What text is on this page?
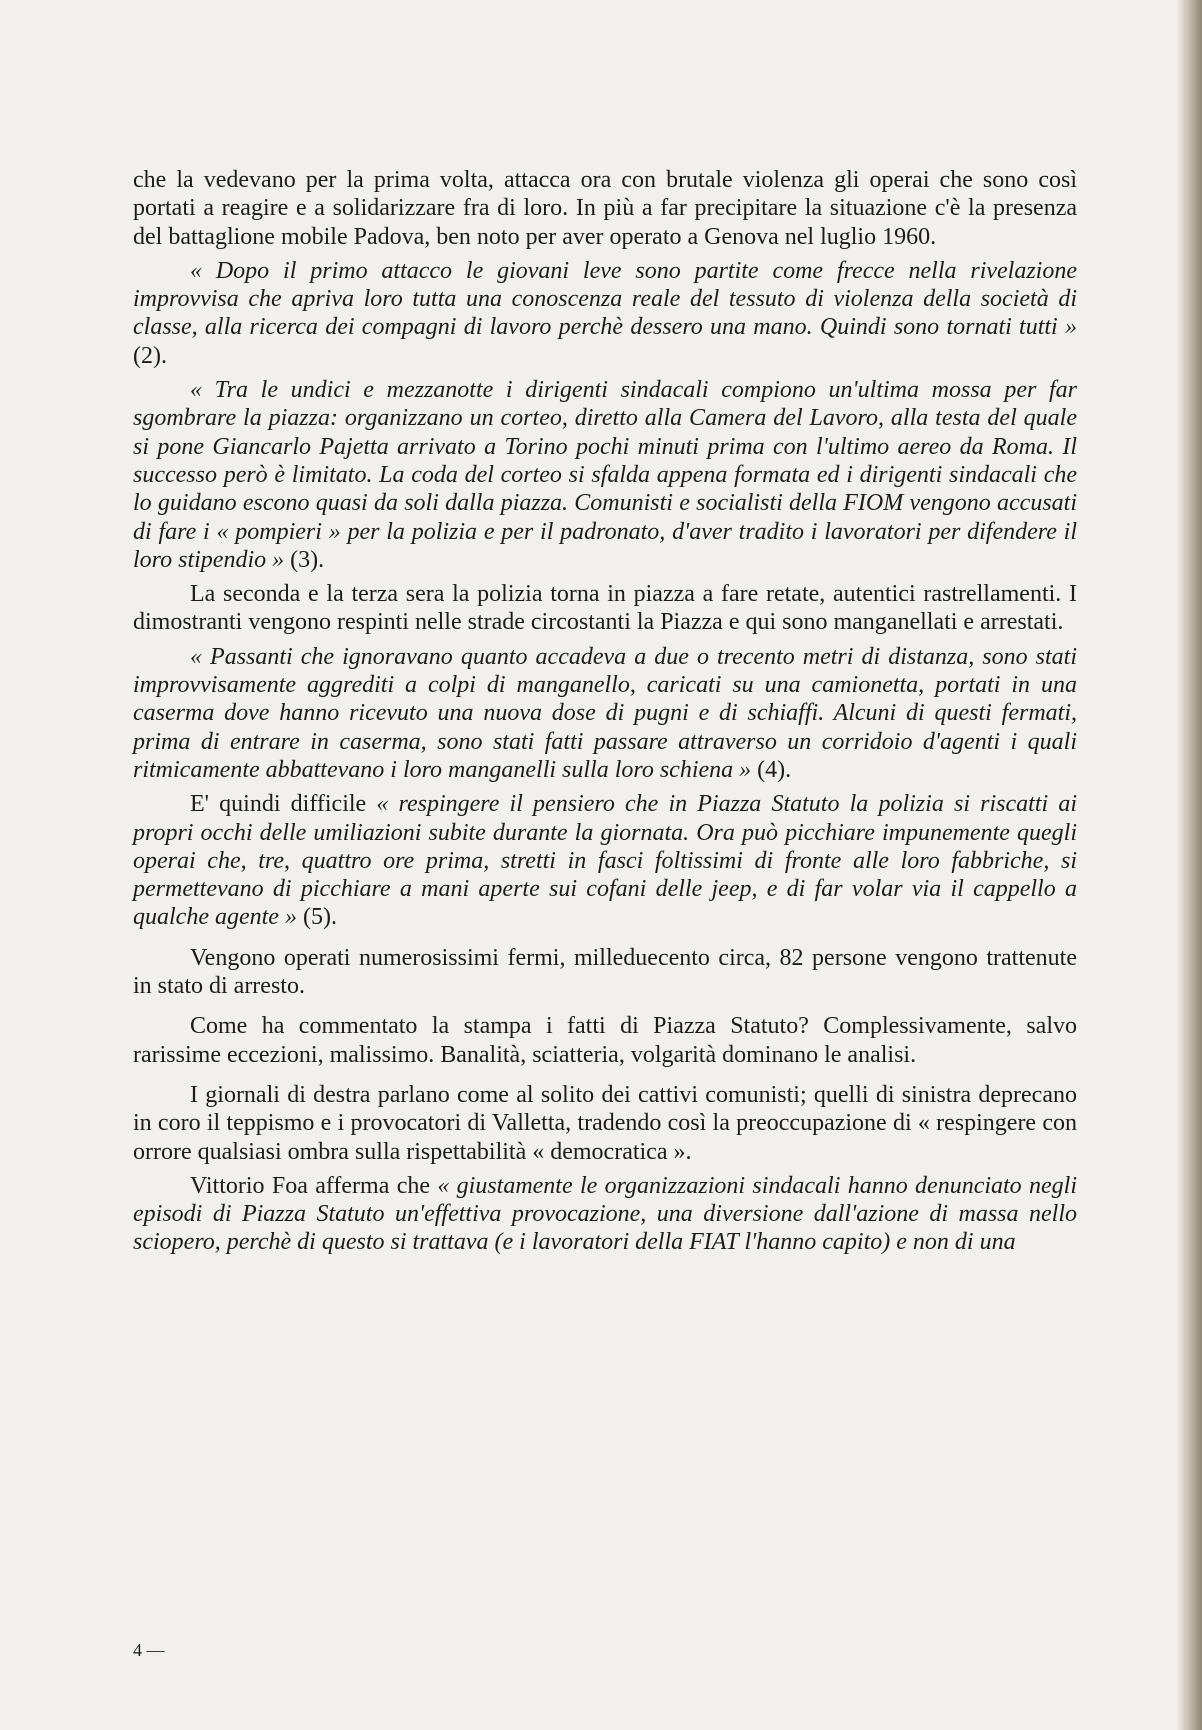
che la vedevano per la prima volta, attacca ora con brutale violenza gli operai che sono così portati a reagire e a solidarizzare fra di loro. In più a far precipitare la situazione c'è la presenza del battaglione mobile Padova, ben noto per aver operato a Genova nel luglio 1960.

« Dopo il primo attacco le giovani leve sono partite come frecce nella rivelazione improvvisa che apriva loro tutta una conoscenza reale del tessuto di violenza della società di classe, alla ricerca dei compagni di lavoro perchè dessero una mano. Quindi sono tornati tutti » (2).

« Tra le undici e mezzanotte i dirigenti sindacali compiono un'ultima mossa per far sgombrare la piazza: organizzano un corteo, diretto alla Camera del Lavoro, alla testa del quale si pone Giancarlo Pajetta arrivato a Torino pochi minuti prima con l'ultimo aereo da Roma. Il successo però è limitato. La coda del corteo si sfalda appena formata ed i dirigenti sindacali che lo guidano escono quasi da soli dalla piazza. Comunisti e socialisti della FIOM vengono accusati di fare i « pompieri » per la polizia e per il padronato, d'aver tradito i lavoratori per difendere il loro stipendio » (3).

La seconda e la terza sera la polizia torna in piazza a fare retate, autentici rastrellamenti. I dimostranti vengono respinti nelle strade circostanti la Piazza e qui sono manganellati e arrestati.

« Passanti che ignoravano quanto accadeva a due o trecento metri di distanza, sono stati improvvisamente aggrediti a colpi di manganello, caricati su una camionetta, portati in una caserma dove hanno ricevuto una nuova dose di pugni e di schiaffi. Alcuni di questi fermati, prima di entrare in caserma, sono stati fatti passare attraverso un corridoio d'agenti i quali ritmicamente abbattevano i loro manganelli sulla loro schiena » (4).

E' quindi difficile « respingere il pensiero che in Piazza Statuto la polizia si riscatti ai propri occhi delle umiliazioni subite durante la giornata. Ora può picchiare impunemente quegli operai che, tre, quattro ore prima, stretti in fasci foltissimi di fronte alle loro fabbriche, si permettevano di picchiare a mani aperte sui cofani delle jeep, e di far volar via il cappello a qualche agente » (5).

Vengono operati numerosissimi fermi, milleduecento circa, 82 persone vengono trattenute in stato di arresto.

Come ha commentato la stampa i fatti di Piazza Statuto? Complessivamente, salvo rarissime eccezioni, malissimo. Banalità, sciatteria, volgarità dominano le analisi.

I giornali di destra parlano come al solito dei cattivi comunisti; quelli di sinistra deprecano in coro il teppismo e i provocatori di Valletta, tradendo così la preoccupazione di « respingere con orrore qualsiasi ombra sulla rispettabilità « democratica ».

Vittorio Foa afferma che « giustamente le organizzazioni sindacali hanno denunciato negli episodi di Piazza Statuto un'effettiva provocazione, una diversione dall'azione di massa nello sciopero, perchè di questo si trattava (e i lavoratori della FIAT l'hanno capito) e non di una

4 —
